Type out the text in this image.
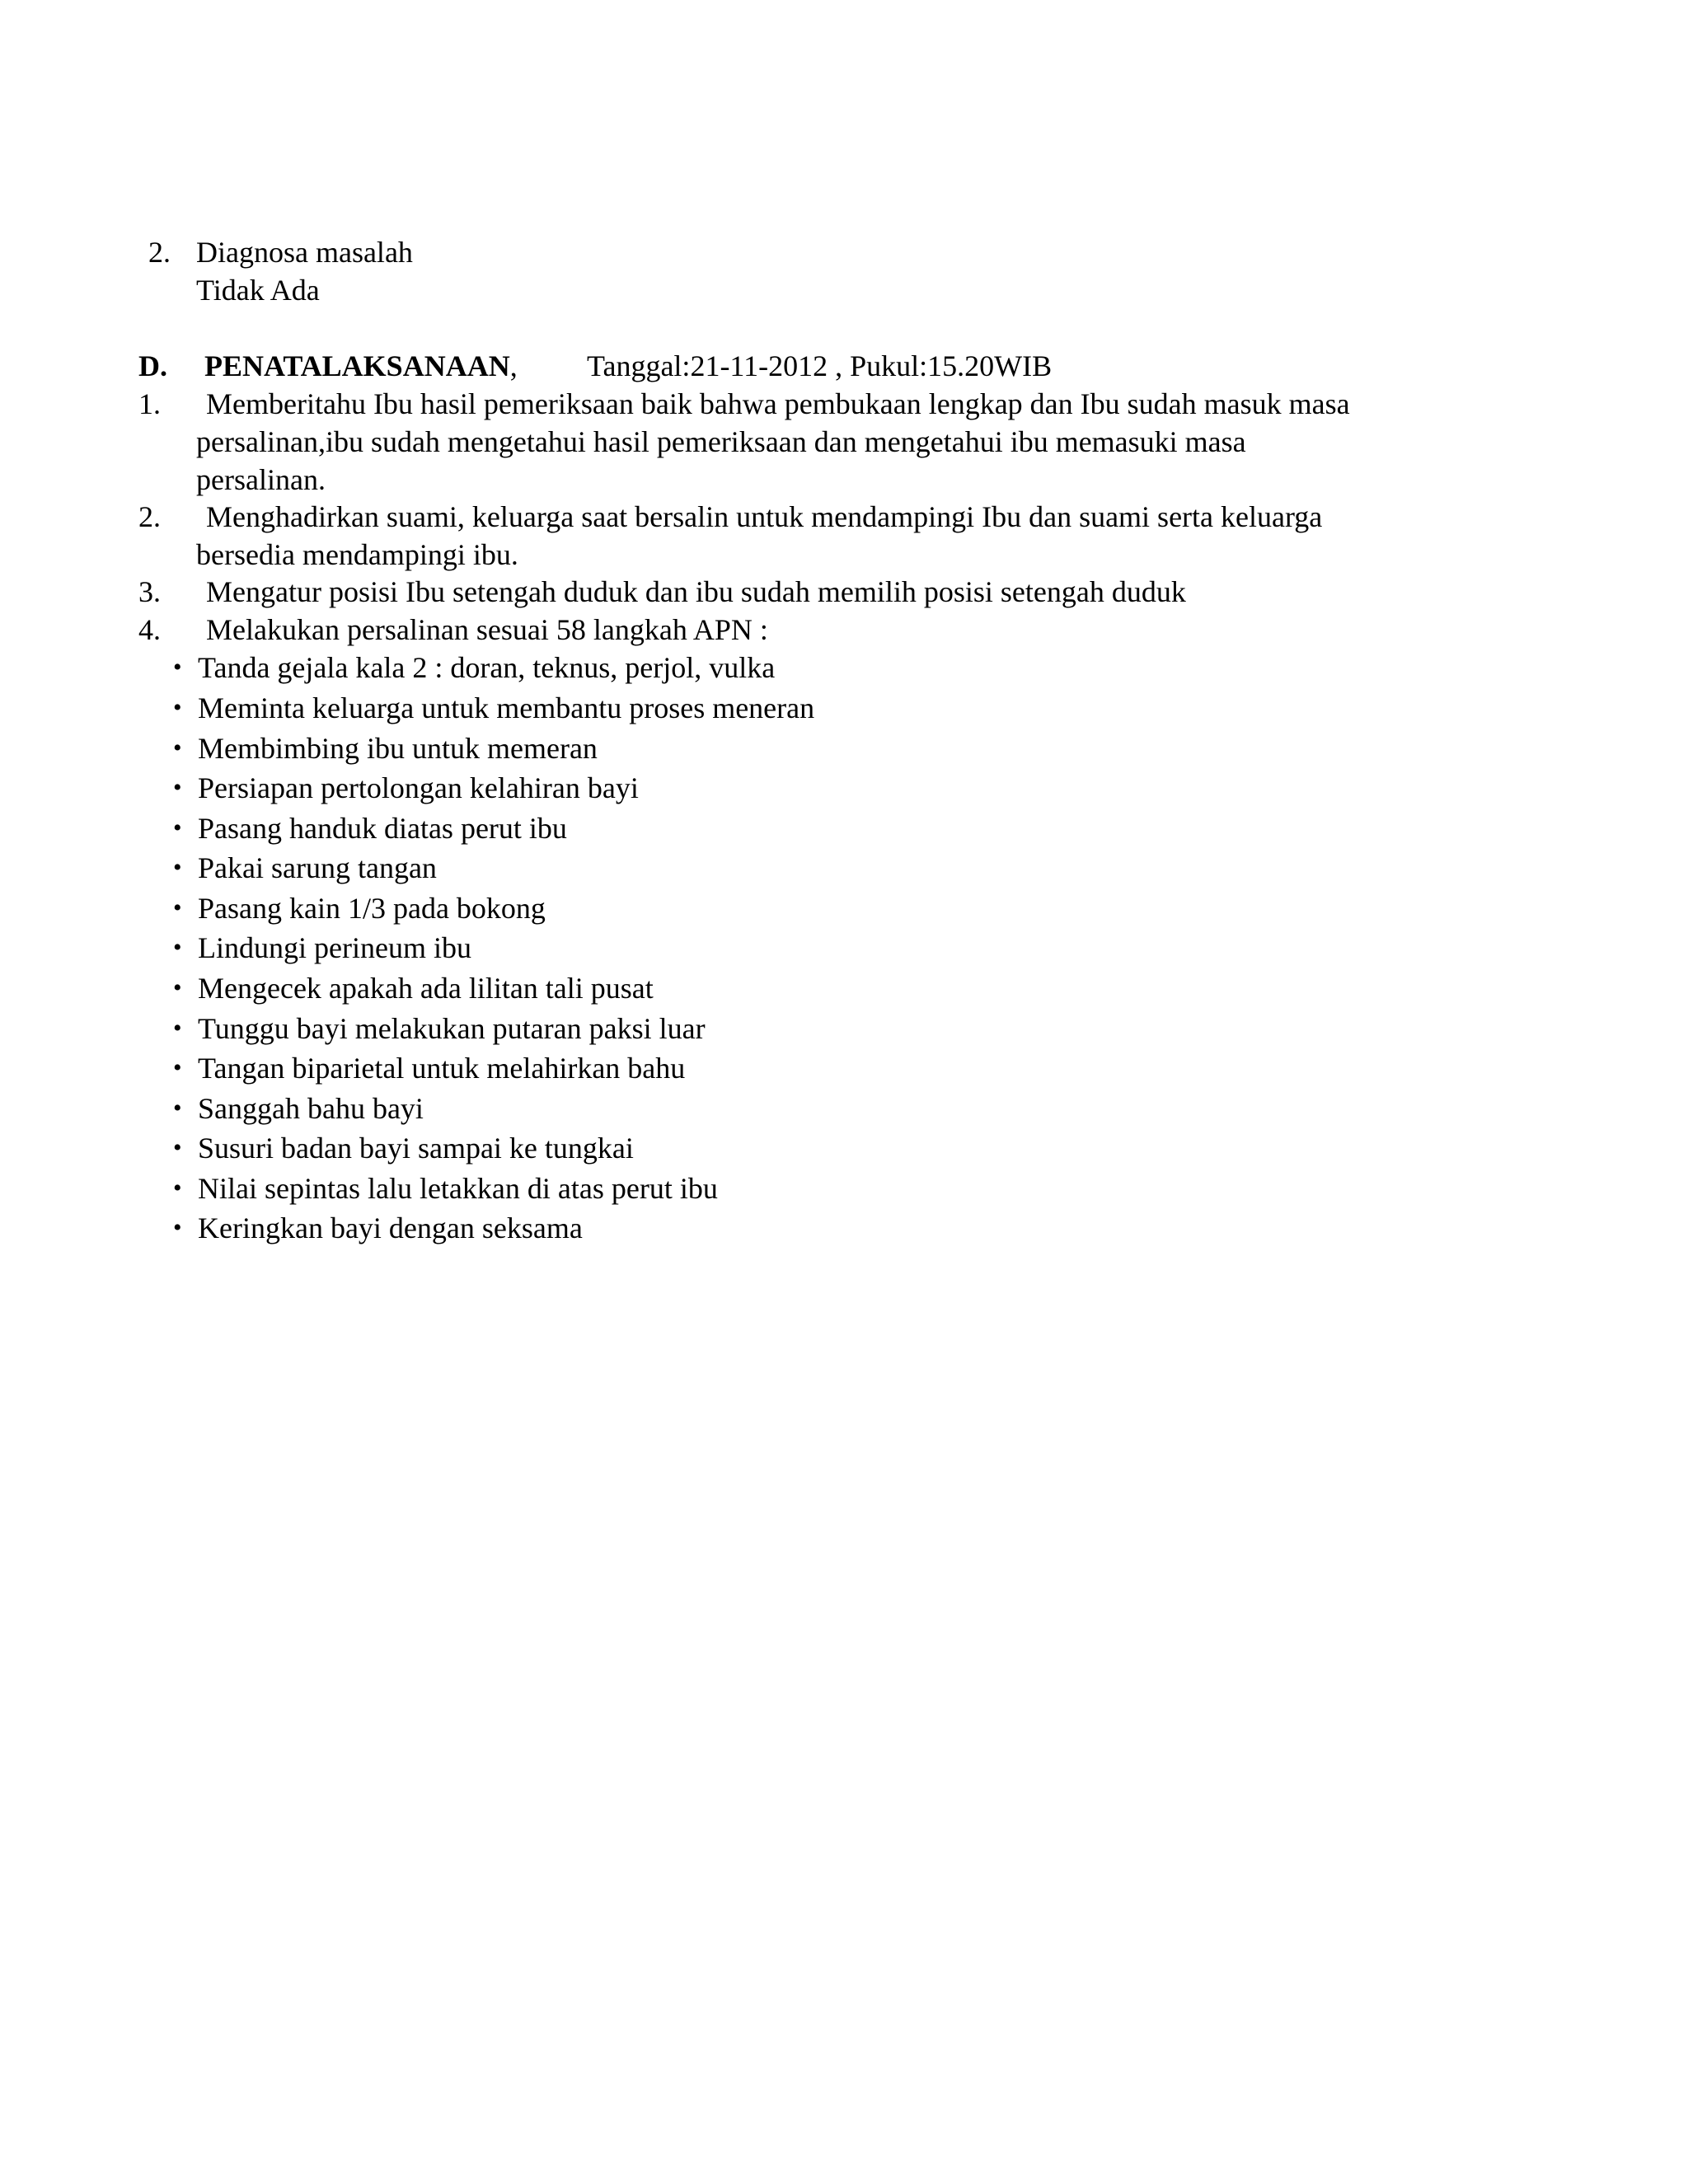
2. Diagnosa masalah
Tidak Ada
D. PENATALAKSANAAN, Tanggal:21-11-2012 , Pukul:15.20WIB
1. Memberitahu Ibu hasil pemeriksaan baik bahwa pembukaan lengkap dan Ibu sudah masuk masa
persalinan,ibu sudah mengetahui hasil pemeriksaan dan mengetahui ibu memasuki masa
persalinan.
2. Menghadirkan suami, keluarga saat bersalin untuk mendampingi Ibu dan suami serta keluarga
bersedia mendampingi ibu.
3. Mengatur posisi Ibu setengah duduk dan ibu sudah memilih posisi setengah duduk
4. Melakukan persalinan sesuai 58 langkah APN :
• Tanda gejala kala 2 : doran, teknus, perjol, vulka
• Meminta keluarga untuk membantu proses meneran
• Membimbing ibu untuk memeran
• Persiapan pertolongan kelahiran bayi
• Pasang handuk diatas perut ibu
• Pakai sarung tangan
• Pasang kain 1/3 pada bokong
• Lindungi perineum ibu
• Mengecek apakah ada lilitan tali pusat
• Tunggu bayi melakukan putaran paksi luar
• Tangan biparietal untuk melahirkan bahu
• Sanggah bahu bayi
• Susuri badan bayi sampai ke tungkai
• Nilai sepintas lalu letakkan di atas perut ibu
• Keringkan bayi dengan seksama
